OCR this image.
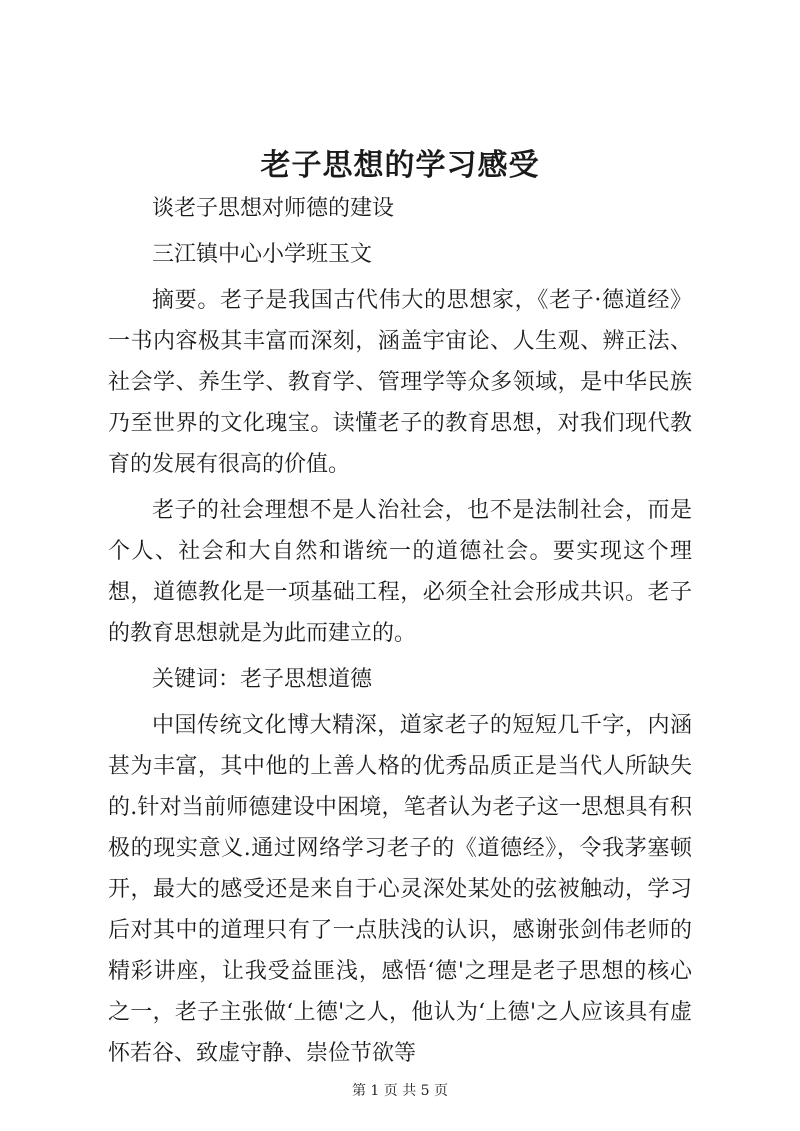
老子思想的学习感受

谈老子思想对师德的建设

三江镇中心小学班玉文

摘要。老子是我国古代伟大的思想家，《老子·德道经》一书内容极其丰富而深刻，涵盖宇宙论、人生观、辨正法、社会学、养生学、教育学、管理学等众多领域，是中华民族乃至世界的文化瑰宝。读懂老子的教育思想，对我们现代教育的发展有很高的价值。

老子的社会理想不是人治社会，也不是法制社会，而是个人、社会和大自然和谐统一的道德社会。要实现这个理想，道德教化是一项基础工程，必须全社会形成共识。老子的教育思想就是为此而建立的。

关键词：老子思想道德

中国传统文化博大精深，道家老子的短短几千字，内涵甚为丰富，其中他的上善人格的优秀品质正是当代人所缺失的.针对当前师德建设中困境，笔者认为老子这一思想具有积极的现实意义.通过网络学习老子的《道德经》，令我茅塞顿开，最大的感受还是来自于心灵深处某处的弦被触动，学习后对其中的道理只有了一点肤浅的认识，感谢张剑伟老师的精彩讲座，让我受益匪浅，感悟‘德'之理是老子思想的核心之一，老子主张做‘上德'之人，他认为‘上德'之人应该具有虚怀若谷、致虚守静、崇俭节欲等

第 1 页 共 5 页
